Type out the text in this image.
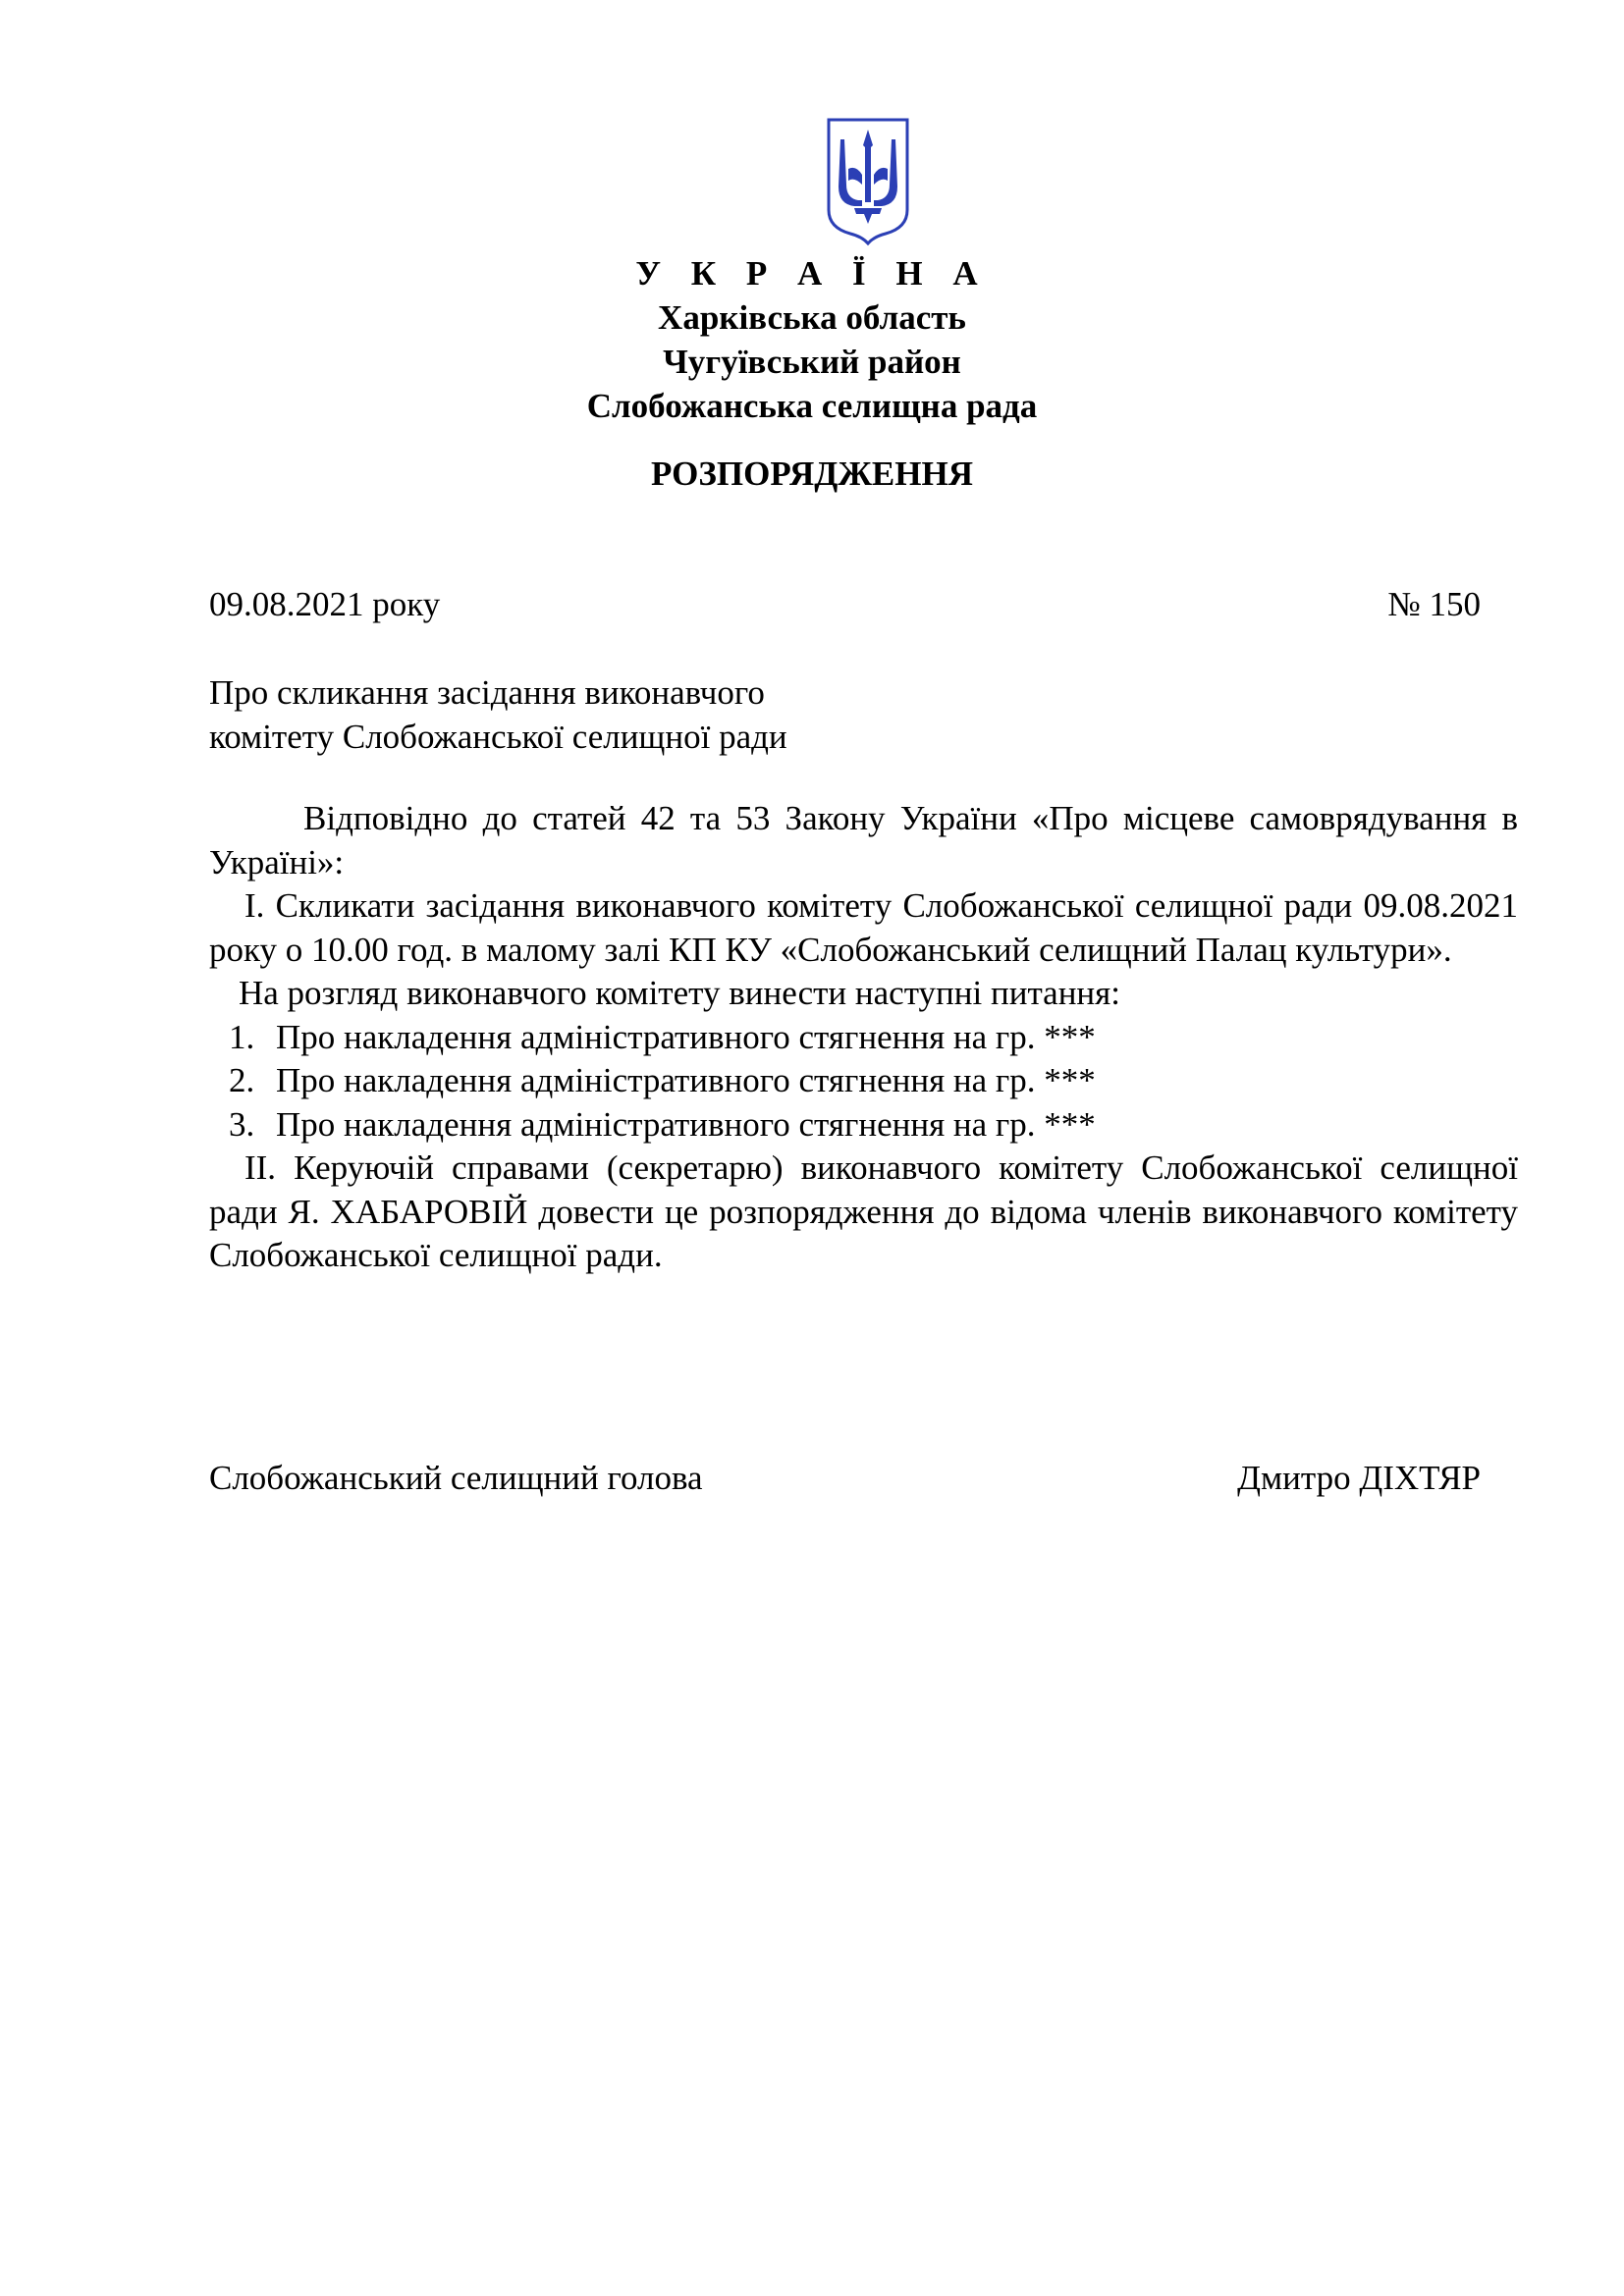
У К Р А Ї Н А
Харківська область
Чугуївський район
Слобожанська селищна рада
РОЗПОРЯДЖЕННЯ
09.08.2021 року	№ 150
Про скликання засідання виконавчого
комітету Слобожанської селищної ради

Відповідно до статей 42 та 53 Закону України «Про місцеве самоврядування в Україні»:

І. Скликати засідання виконавчого комітету Слобожанської селищної ради 09.08.2021 року о 10.00 год. в малому залі КП КУ «Слобожанський селищний Палац культури».

На розгляд виконавчого комітету винести наступні питання:

1. Про накладення адміністративного стягнення на гр. ***
2. Про накладення адміністративного стягнення на гр. ***
3. Про накладення адміністративного стягнення на гр. ***

ІІ. Керуючій справами (секретарю) виконавчого комітету Слобожанської селищної ради Я. ХАБАРОВІЙ довести це розпорядження до відома членів виконавчого комітету Слобожанської селищної ради.

Слобожанський селищний голова	Дмитро ДІХТЯР
